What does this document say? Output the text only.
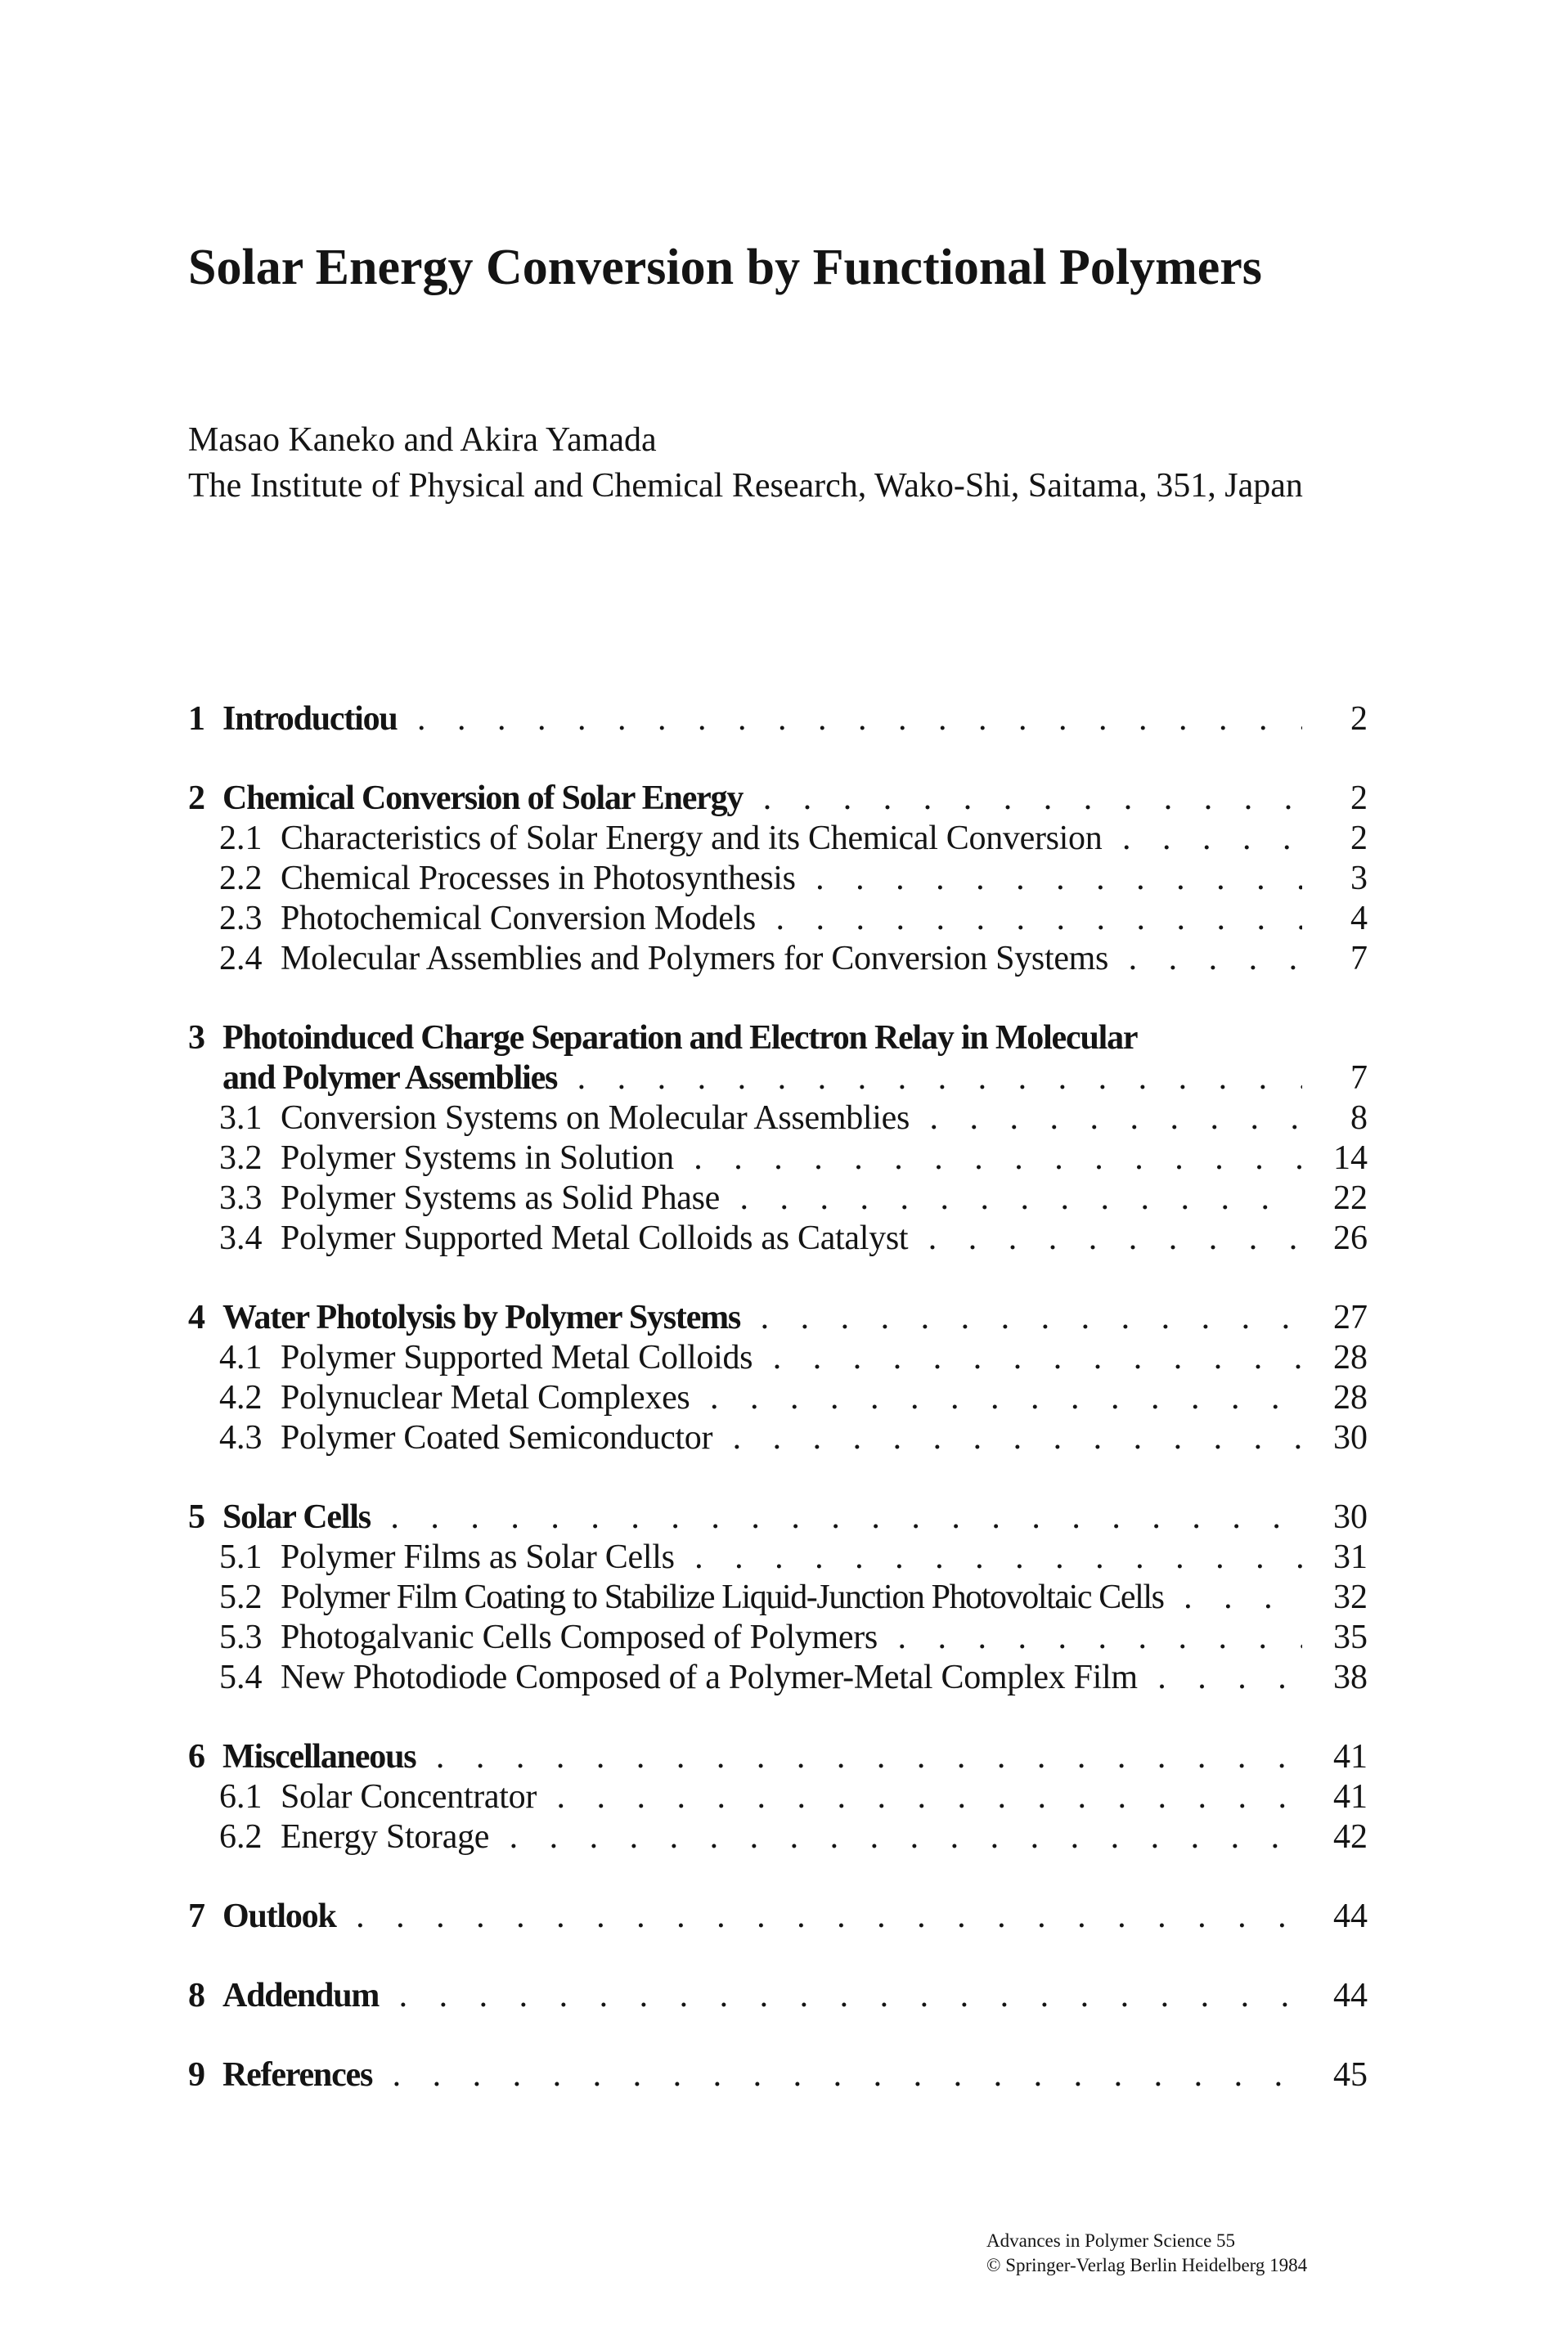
Solar Energy Conversion by Functional Polymers

Masao Kaneko and Akira Yamada

The Institute of Physical and Chemical Research, Wako-Shi, Saitama, 351, Japan

1 Introductiou . . .	2
2 Chemical Conversion of Solar Energy . . .	2
2.1 Characteristics of Solar Energy and its Chemical Conversion . . .	2
2.2 Chemical Processes in Photosynthesis . . .	3
2.3 Photochemical Conversion Models . . .	4
2.4 Molecular Assemblies and Polymers for Conversion Systems . . .	7
3 Photoinduced Charge Separation and Electron Relay in Molecular
and Polymer Assemblies . . .	7
3.1 Conversion Systems on Molecular Assemblies . . .	8
3.2 Polymer Systems in Solution . . .	14
3.3 Polymer Systems as Solid Phase . . .	22
3.4 Polymer Supported Metal Colloids as Catalyst . . .	26
4 Water Photolysis by Polymer Systems . . .	27
4.1 Polymer Supported Metal Colloids . . .	28
4.2 Polynuclear Metal Complexes . . .	28
4.3 Polymer Coated Semiconductor . . .	30
5 Solar Cells . . .	30
5.1 Polymer Films as Solar Cells . . .	31
5.2 Polymer Film Coating to Stabilize Liquid-Junction Photovoltaic Cells . . .	32
5.3 Photogalvanic Cells Composed of Polymers . . .	35
5.4 New Photodiode Composed of a Polymer-Metal Complex Film . . .	38
6 Miscellaneous . . .	41
6.1 Solar Concentrator . . .	41
6.2 Energy Storage . . .	42
7 Outlook . . .	44
8 Addendum . . .	44
9 References . . .	45
Advances in Polymer Science 55
© Springer-Verlag Berlin Heidelberg 1984
